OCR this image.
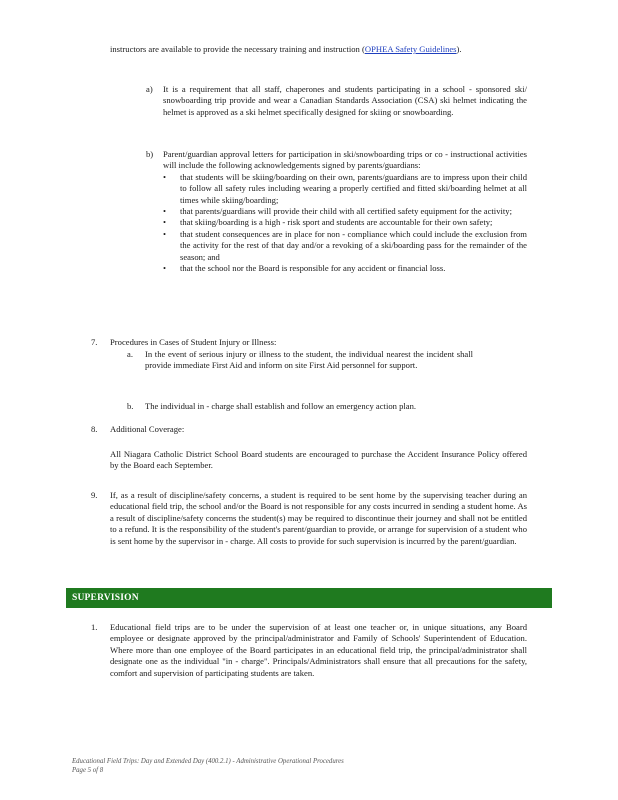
instructors are available to provide the necessary training and instruction (OPHEA Safety Guidelines).
a) It is a requirement that all staff, chaperones and students participating in a school - sponsored ski/ snowboarding trip provide and wear a Canadian Standards Association (CSA) ski helmet indicating the helmet is approved as a ski helmet specifically designed for skiing or snowboarding.
b) Parent/guardian approval letters for participation in ski/snowboarding trips or co - instructional activities will include the following acknowledgements signed by parents/guardians:

• that students will be skiing/boarding on their own, parents/guardians are to impress upon their child to follow all safety rules including wearing a properly certified and fitted ski/boarding helmet at all times while skiing/boarding;
• that parents/guardians will provide their child with all certified safety equipment for the activity;
• that skiing/boarding is a high - risk sport and students are accountable for their own safety;
• that student consequences are in place for non - compliance which could include the exclusion from the activity for the rest of that day and/or a revoking of a ski/boarding pass for the remainder of the season; and
• that the school nor the Board is responsible for any accident or financial loss.
7. Procedures in Cases of Student Injury or Illness:
a. In the event of serious injury or illness to the student, the individual nearest the incident shall provide immediate First Aid and inform on site First Aid personnel for support.
b. The individual in - charge shall establish and follow an emergency action plan.
8. Additional Coverage:
All Niagara Catholic District School Board students are encouraged to purchase the Accident Insurance Policy offered by the Board each September.
9. If, as a result of discipline/safety concerns, a student is required to be sent home by the supervising teacher during an educational field trip, the school and/or the Board is not responsible for any costs incurred in sending a student home. As a result of discipline/safety concerns the student(s) may be required to discontinue their journey and shall not be entitled to a refund. It is the responsibility of the student's parent/guardian to provide, or arrange for supervision of a student who is sent home by the supervisor in - charge. All costs to provide for such supervision is incurred by the parent/guardian.
SUPERVISION
1. Educational field trips are to be under the supervision of at least one teacher or, in unique situations, any Board employee or designate approved by the principal/administrator and Family of Schools' Superintendent of Education. Where more than one employee of the Board participates in an educational field trip, the principal/administrator shall designate one as the individual "in - charge". Principals/Administrators shall ensure that all precautions for the safety, comfort and supervision of participating students are taken.
Educational Field Trips: Day and Extended Day (400.2.1) - Administrative Operational Procedures
Page 5 of 8
